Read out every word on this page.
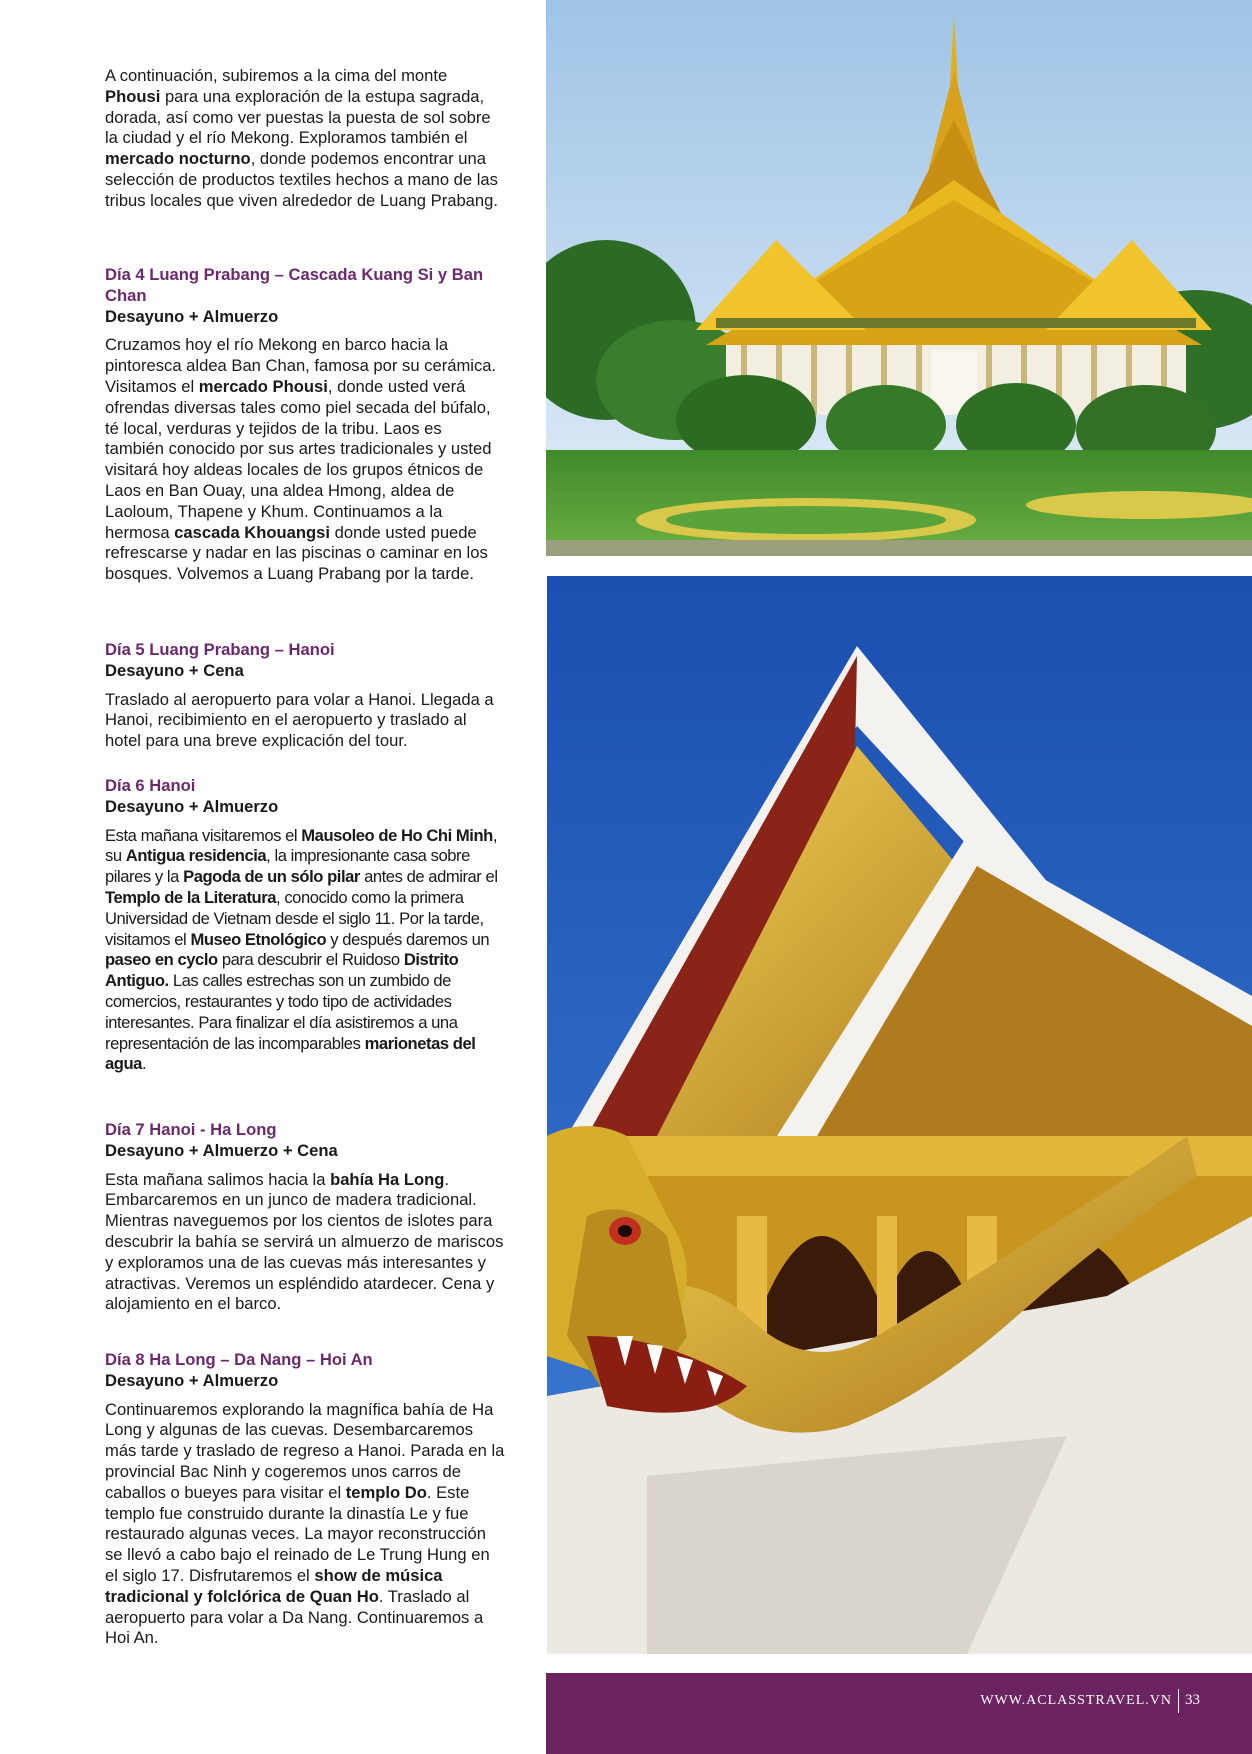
A continuación, subiremos a la cima del monte Phousi para una exploración de la estupa sagrada, dorada, así como ver puestas la puesta de sol sobre la ciudad y el río Mekong. Exploramos también el mercado nocturno, donde podemos encontrar una selección de productos textiles hechos a mano de las tribus locales que viven alrededor de Luang Prabang.

Día 4 Luang Prabang – Cascada Kuang Si y Ban Chan
Desayuno + Almuerzo

Cruzamos hoy el río Mekong en barco hacia la pintoresca aldea Ban Chan, famosa por su cerámica. Visitamos el mercado Phousi, donde usted verá ofrendas diversas tales como piel secada del búfalo, té local, verduras y tejidos de la tribu. Laos es también conocido por sus artes tradicionales y usted visitará hoy aldeas locales de los grupos étnicos de Laos en Ban Ouay, una aldea Hmong, aldea de Laoloum, Thapene y Khum. Continuamos a la hermosa cascada Khouangsi donde usted puede refrescarse y nadar en las piscinas o caminar en los bosques. Volvemos a Luang Prabang por la tarde.

Día 5 Luang Prabang – Hanoi
Desayuno + Cena

Traslado al aeropuerto para volar a Hanoi. Llegada a Hanoi, recibimiento en el aeropuerto y traslado al hotel para una breve explicación del tour.

Día 6 Hanoi
Desayuno + Almuerzo

Esta mañana visitaremos el Mausoleo de Ho Chi Minh, su Antigua residencia, la impresionante casa sobre pilares y la Pagoda de un sólo pilar antes de admirar el Templo de la Literatura, conocido como la primera Universidad de Vietnam desde el siglo 11. Por la tarde, visitamos el Museo Etnológico y después daremos un paseo en cyclo para descubrir el Ruidoso Distrito Antiguo. Las calles estrechas son un zumbido de comercios, restaurantes y todo tipo de actividades interesantes. Para finalizar el día asistiremos a una representación de las incomparables marionetas del agua.

Día 7 Hanoi - Ha Long
Desayuno + Almuerzo + Cena

Esta mañana salimos hacia la bahía Ha Long. Embarcaremos en un junco de madera tradicional. Mientras naveguemos por los cientos de islotes para descubrir la bahía se servirá un almuerzo de mariscos y exploramos una de las cuevas más interesantes y atractivas. Veremos un espléndido atardecer. Cena y alojamiento en el barco.

Día 8 Ha Long – Da Nang – Hoi An
Desayuno + Almuerzo

Continuaremos explorando la magnífica bahía de Ha Long y algunas de las cuevas. Desembarcaremos más tarde y traslado de regreso a Hanoi. Parada en la provincial Bac Ninh y cogeremos unos carros de caballos o bueyes para visitar el templo Do. Este templo fue construido durante la dinastía Le y fue restaurado algunas veces. La mayor reconstrucción se llevó a cabo bajo el reinado de Le Trung Hung en el siglo 17. Disfrutaremos el show de música tradicional y folclórica de Quan Ho. Traslado al aeropuerto para volar a Da Nang. Continuaremos a Hoi An.

WWW.ACLASSTRAVEL.VN 33
